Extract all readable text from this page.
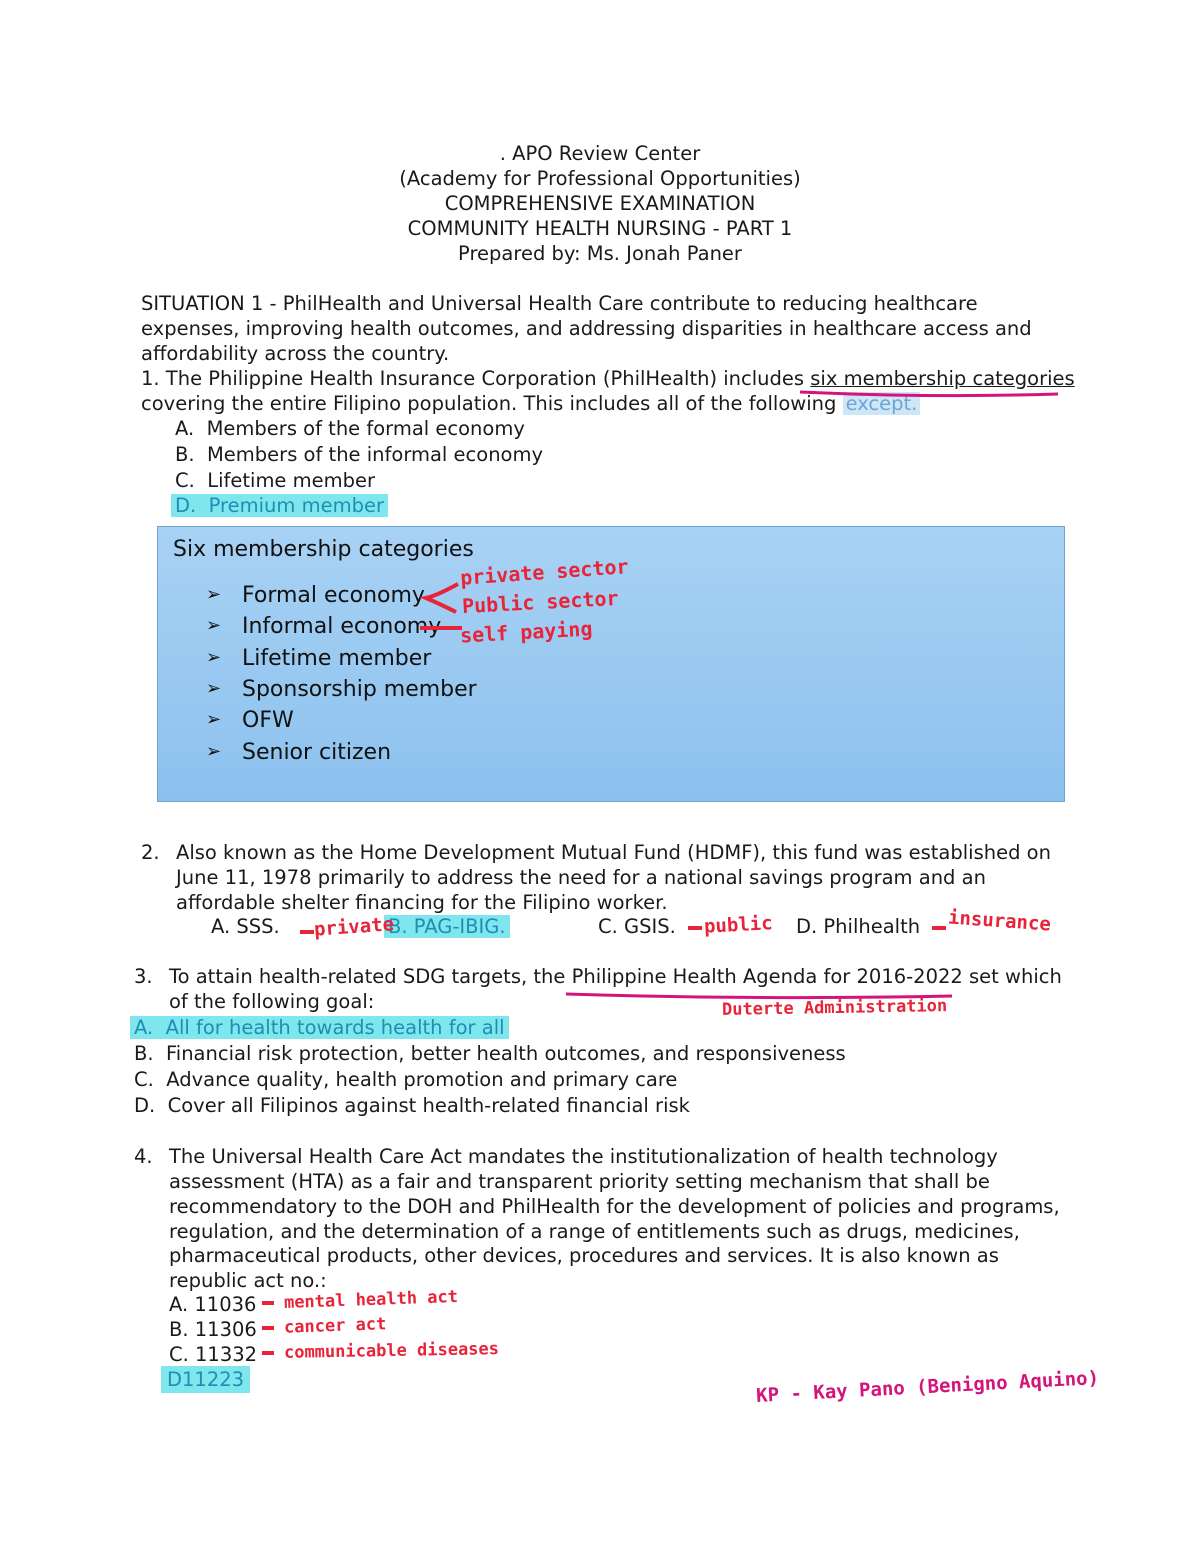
. APO Review Center
(Academy for Professional Opportunities)
COMPREHENSIVE EXAMINATION
COMMUNITY HEALTH NURSING - PART 1
Prepared by: Ms. Jonah Paner
SITUATION 1 - PhilHealth and Universal Health Care contribute to reducing healthcare
expenses, improving health outcomes, and addressing disparities in healthcare access and
affordability across the country.
1. The Philippine Health Insurance Corporation (PhilHealth) includes six membership categories
covering the entire Filipino population. This includes all of the following except.
A. Members of the formal economy
B. Members of the informal economy
C. Lifetime member
D. Premium member
Six membership categories
➢ Formal economy
➢ Informal economy
➢ Lifetime member
➢ Sponsorship member
➢ OFW
➢ Senior citizen
private sector
Public sector
self paying
2. Also known as the Home Development Mutual Fund (HDMF), this fund was established on
June 11, 1978 primarily to address the need for a national savings program and an
affordable shelter financing for the Filipino worker.
A. SSS.	B. PAG-IBIG.	C. GSIS.	D. Philhealth
private	public	insurance
3. To attain health-related SDG targets, the Philippine Health Agenda for 2016-2022 set which
of the following goal:
A. All for health towards health for all
B. Financial risk protection, better health outcomes, and responsiveness
C. Advance quality, health promotion and primary care
D. Cover all Filipinos against health-related financial risk
Duterte Administration
4. The Universal Health Care Act mandates the institutionalization of health technology
assessment (HTA) as a fair and transparent priority setting mechanism that shall be
recommendatory to the DOH and PhilHealth for the development of policies and programs,
regulation, and the determination of a range of entitlements such as drugs, medicines,
pharmaceutical products, other devices, procedures and services. It is also known as
republic act no.:
A. 11036
B. 11306
C. 11332
D11223
mental health act
cancer act
communicable diseases
KP - Kay Pano (Benigno Aquino)
